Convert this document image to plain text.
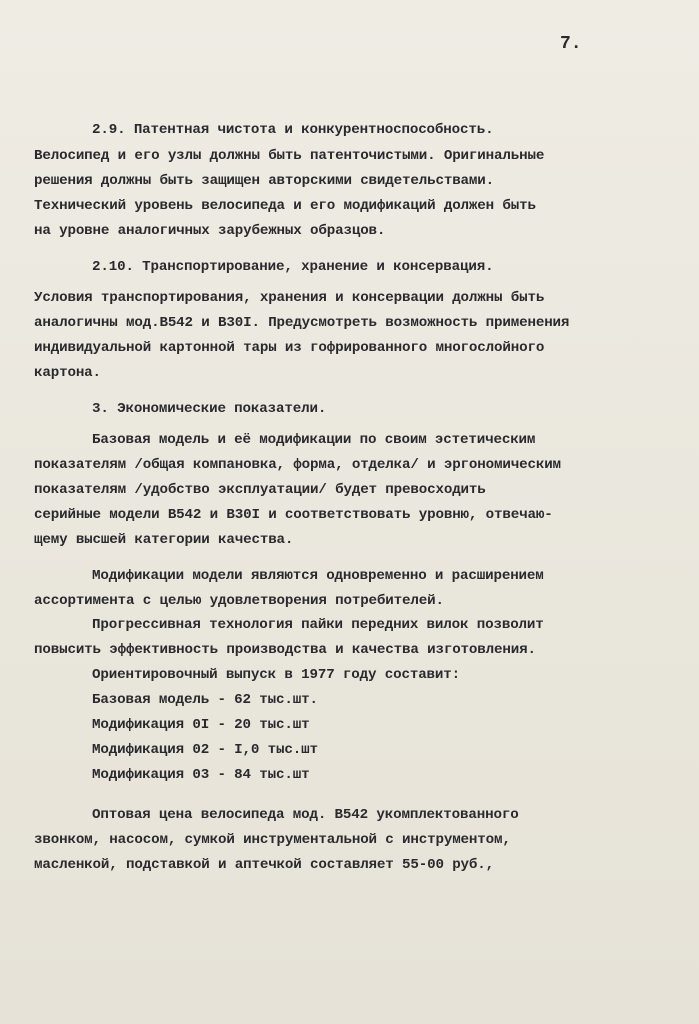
7.
2.9. Патентная чистота и конкурентноспособность.
Велосипед и его узлы должны быть патенточистыми. Оригинальные
решения должны быть защищен авторскими свидетельствами.
Технический уровень велосипеда и его модификаций должен быть
на уровне аналогичных зарубежных образцов.
2.10. Транспортирование, хранение и консервация.
Условия транспортирования, хранения и консервации должны быть
аналогичны мод.В542 и В30I. Предусмотреть возможность применения
индивидуальной картонной тары из гофрированного многослойного
картона.
3. Экономические показатели.
Базовая модель и её модификации по своим эстетическим
показателям /общая компановка, форма, отделка/ и эргономическим
показателям /удобство эксплуатации/ будет превосходить
серийные модели В542 и В30I и соответствовать уровню, отвечаю-
щему высшей категории качества.
Модификации модели являются одновременно и расширением
ассортимента с целью удовлетворения потребителей.
Прогрессивная технология пайки передних вилок позволит
повысить эффективность производства и качества изготовления.
Ориентировочный выпуск в 1977 году составит:
Базовая модель - 62 тыс.шт.
Модификация 0I - 20 тыс.шт
Модификация 02 - I,0 тыс.шт
Модификация 03 - 84 тыс.шт
Оптовая цена велосипеда мод. В542 укомплектованного
звонком, насосом, сумкой инструментальной с инструментом,
масленкой, подставкой и аптечкой составляет 55-00 руб.,
